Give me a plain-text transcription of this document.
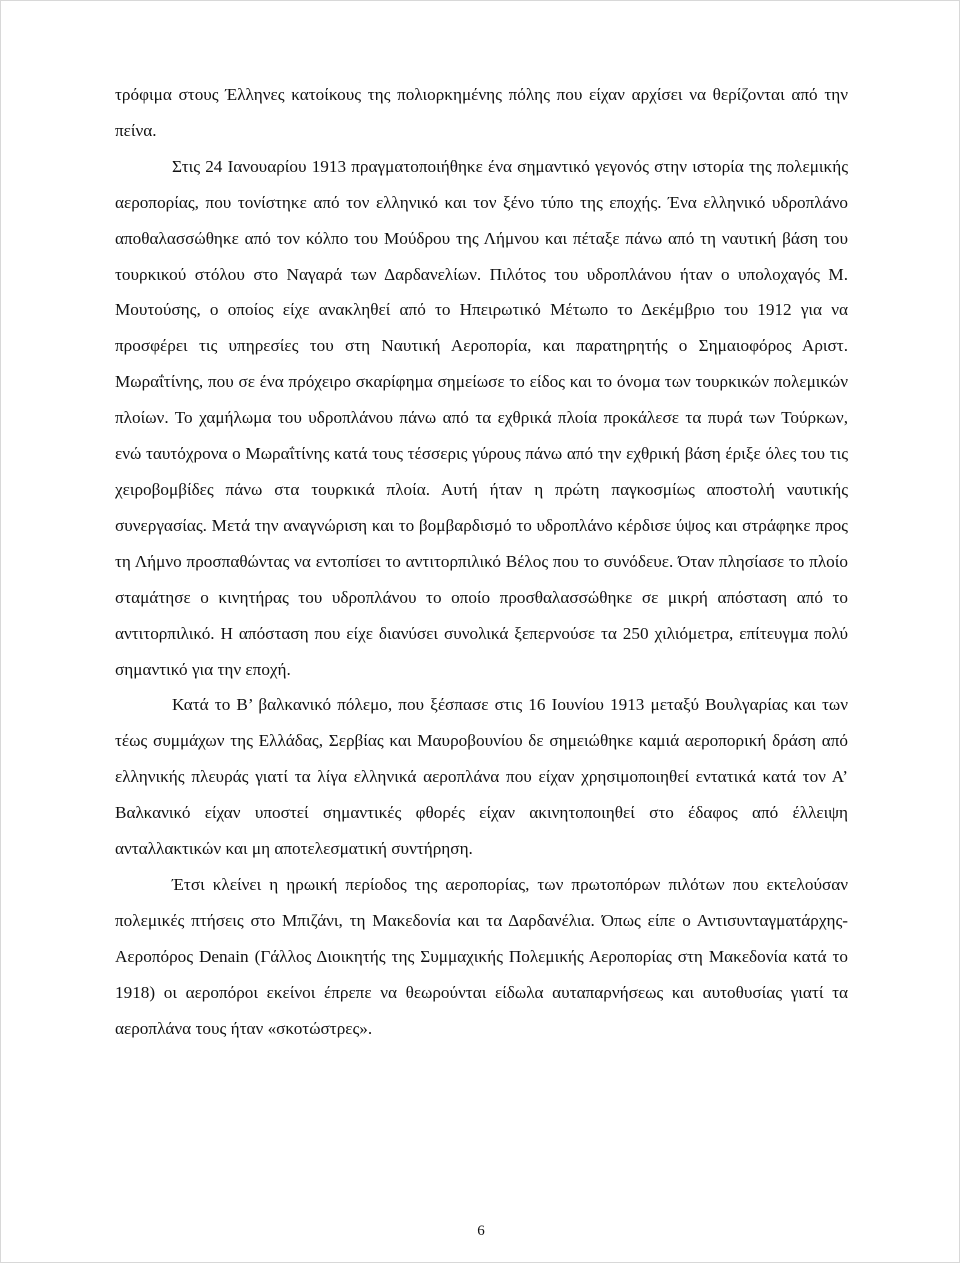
τρόφιμα στους Έλληνες κατοίκους της πολιορκημένης πόλης που είχαν αρχίσει να θερίζονται από την πείνα.

Στις 24 Ιανουαρίου 1913 πραγματοποιήθηκε ένα σημαντικό γεγονός στην ιστορία της πολεμικής αεροπορίας, που τονίστηκε από τον ελληνικό και τον ξένο τύπο της εποχής. Ένα ελληνικό υδροπλάνο αποθαλασσώθηκε από τον κόλπο του Μούδρου της Λήμνου και πέταξε πάνω από τη ναυτική βάση του τουρκικού στόλου στο Ναγαρά των Δαρδανελίων. Πιλότος του υδροπλάνου ήταν ο υπολοχαγός Μ. Μουτούσης, ο οποίος είχε ανακληθεί από το Ηπειρωτικό Μέτωπο το Δεκέμβριο του 1912 για να προσφέρει τις υπηρεσίες του στη Ναυτική Αεροπορία, και παρατηρητής ο Σημαιοφόρος Αριστ. Μωραΐτίνης, που σε ένα πρόχειρο σκαρίφημα σημείωσε το είδος και το όνομα των τουρκικών πολεμικών πλοίων. Το χαμήλωμα του υδροπλάνου πάνω από τα εχθρικά πλοία προκάλεσε τα πυρά των Τούρκων, ενώ ταυτόχρονα ο Μωραΐτίνης κατά τους τέσσερις γύρους πάνω από την εχθρική βάση έριξε όλες του τις χειροβομβίδες πάνω στα τουρκικά πλοία. Αυτή ήταν η πρώτη παγκοσμίως αποστολή ναυτικής συνεργασίας. Μετά την αναγνώριση και το βομβαρδισμό το υδροπλάνο κέρδισε ύψος και στράφηκε προς τη Λήμνο προσπαθώντας να εντοπίσει το αντιτορπιλικό Βέλος που το συνόδευε. Όταν πλησίασε το πλοίο σταμάτησε ο κινητήρας του υδροπλάνου το οποίο προσθαλασσώθηκε σε μικρή απόσταση από το αντιτορπιλικό. Η απόσταση που είχε διανύσει συνολικά ξεπερνούσε τα 250 χιλιόμετρα, επίτευγμα πολύ σημαντικό για την εποχή.

Κατά το Β’ βαλκανικό πόλεμο, που ξέσπασε στις 16 Ιουνίου 1913 μεταξύ Βουλγαρίας και των τέως συμμάχων της Ελλάδας, Σερβίας και Μαυροβουνίου δε σημειώθηκε καμιά αεροπορική δράση από ελληνικής πλευράς γιατί τα λίγα ελληνικά αεροπλάνα που είχαν χρησιμοποιηθεί εντατικά κατά τον Α’ Βαλκανικό είχαν υποστεί σημαντικές φθορές είχαν ακινητοποιηθεί στο έδαφος από έλλειψη ανταλλακτικών και μη αποτελεσματική συντήρηση.

Έτσι κλείνει η ηρωική περίοδος της αεροπορίας, των πρωτοπόρων πιλότων που εκτελούσαν πολεμικές πτήσεις στο Μπιζάνι, τη Μακεδονία και τα Δαρδανέλια. Όπως είπε ο Αντισυνταγματάρχης-Αεροπόρος Denain (Γάλλος Διοικητής της Συμμαχικής Πολεμικής Αεροπορίας στη Μακεδονία κατά το 1918) οι αεροπόροι εκείνοι έπρεπε να θεωρούνται είδωλα αυταπαρνήσεως και αυτοθυσίας γιατί τα αεροπλάνα τους ήταν «σκοτώστρες».

6
